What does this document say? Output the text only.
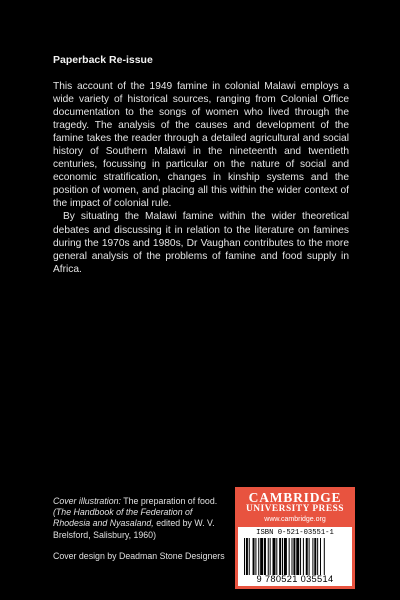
Paperback Re-issue

This account of the 1949 famine in colonial Malawi employs a wide variety of historical sources, ranging from Colonial Office documentation to the songs of women who lived through the tragedy. The analysis of the causes and development of the famine takes the reader through a detailed agricultural and social history of Southern Malawi in the nineteenth and twentieth centuries, focussing in particular on the nature of social and economic stratification, changes in kinship systems and the position of women, and placing all this within the wider context of the impact of colonial rule.

By situating the Malawi famine within the wider theoretical debates and discussing it in relation to the literature on famines during the 1970s and 1980s, Dr Vaughan contributes to the more general analysis of the problems of famine and food supply in Africa.

Cover illustration: The preparation of food. (The Handbook of the Federation of Rhodesia and Nyasaland, edited by W. V. Brelsford, Salisbury, 1960)

Cover design by Deadman Stone Designers

CAMBRIDGE
UNIVERSITY PRESS
www.cambridge.org
ISBN 0-521-03551-1
9 780521 035514
